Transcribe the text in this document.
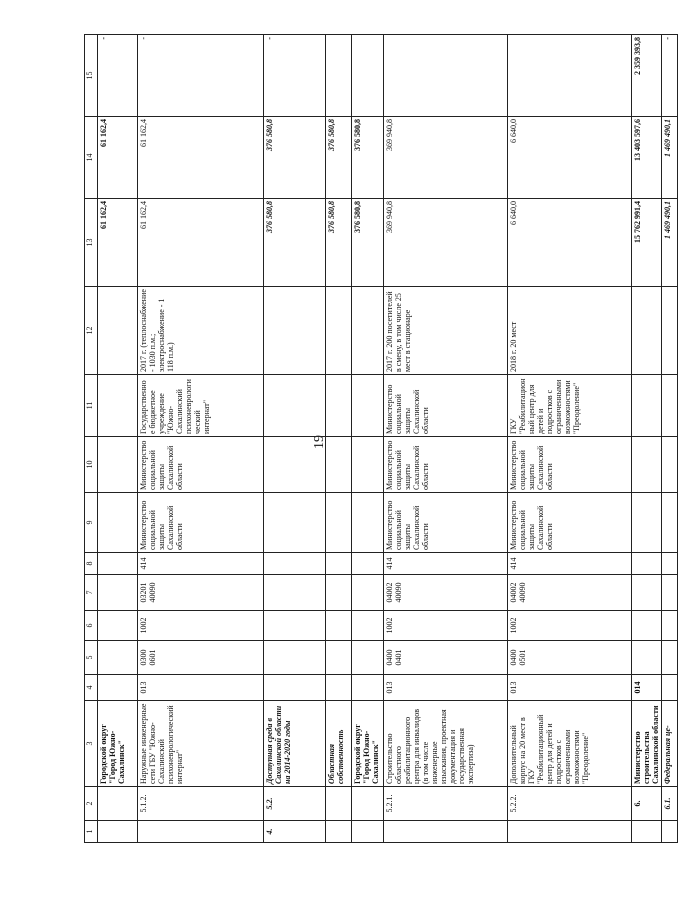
19
1	2	3	4	5	6	7	8	9	10	11	12	13	14	15
		Городской округ "Город Южно-Сахалинск"										61 162,4	61 162,4	-
	5.1.2.	Наружные инженерные сети ГБУ "Южно-Сахалинский психоневрологический интернат"	013	0300 0601	1002	03201 40090	414	Министерство социальной защиты Сахалинской области	Министерство социальной защиты Сахалинской области	Государственное бюджетное учреждение "Южно-Сахалинский психоневрологический интернат"	2017 г. (теплоснабжение - 1030 п.м.; электроснабжение - 1 118 п.м.)	61 162,4	61 162,4	-
4.	5.2.	Доступная среда в Сахалинской области на 2014-2020 годы										376 580,8	376 580,8	-
		Областная собственность										376 580,8	376 580,8	
		Городской округ "Город Южно-Сахалинск"										376 580,8	376 580,8	
	5.2.1.	Строительство областного реабилитационного центра для инвалидов (в том числе инженерные изыскания, проектная документация и государственная экспертиза)	013	0400 0401	1002	04002 40090	414	Министерство социальной защиты Сахалинской области	Министерство социальной защиты Сахалинской области	Министерство социальной защиты Сахалинской области	2017 г. 200 посетителей в смену, в том числе 25 мест в стационаре	369 940,8	369 940,8	
	5.2.2.	Дополнительный корпус на 20 мест в ГКУ "Реабилитационный центр для детей и подростков с ограниченными возможностями "Преодоление"	013	0400 0501	1002	04002 40090	414	Министерство социальной защиты Сахалинской области	Министерство социальной защиты Сахалинской области	ГКУ "Реабилитационный центр для детей и подростков с ограниченными возможностями "Преодоление"	2018 г. 20 мест	6 640,0	6 640,0	
	6.	Министерство строительства Сахалинской области	014									15 762 991,4	13 403 597,6	2 359 393,8
	6.1.	Федеральная це-										1 469 490,1	1 469 490,1	-
